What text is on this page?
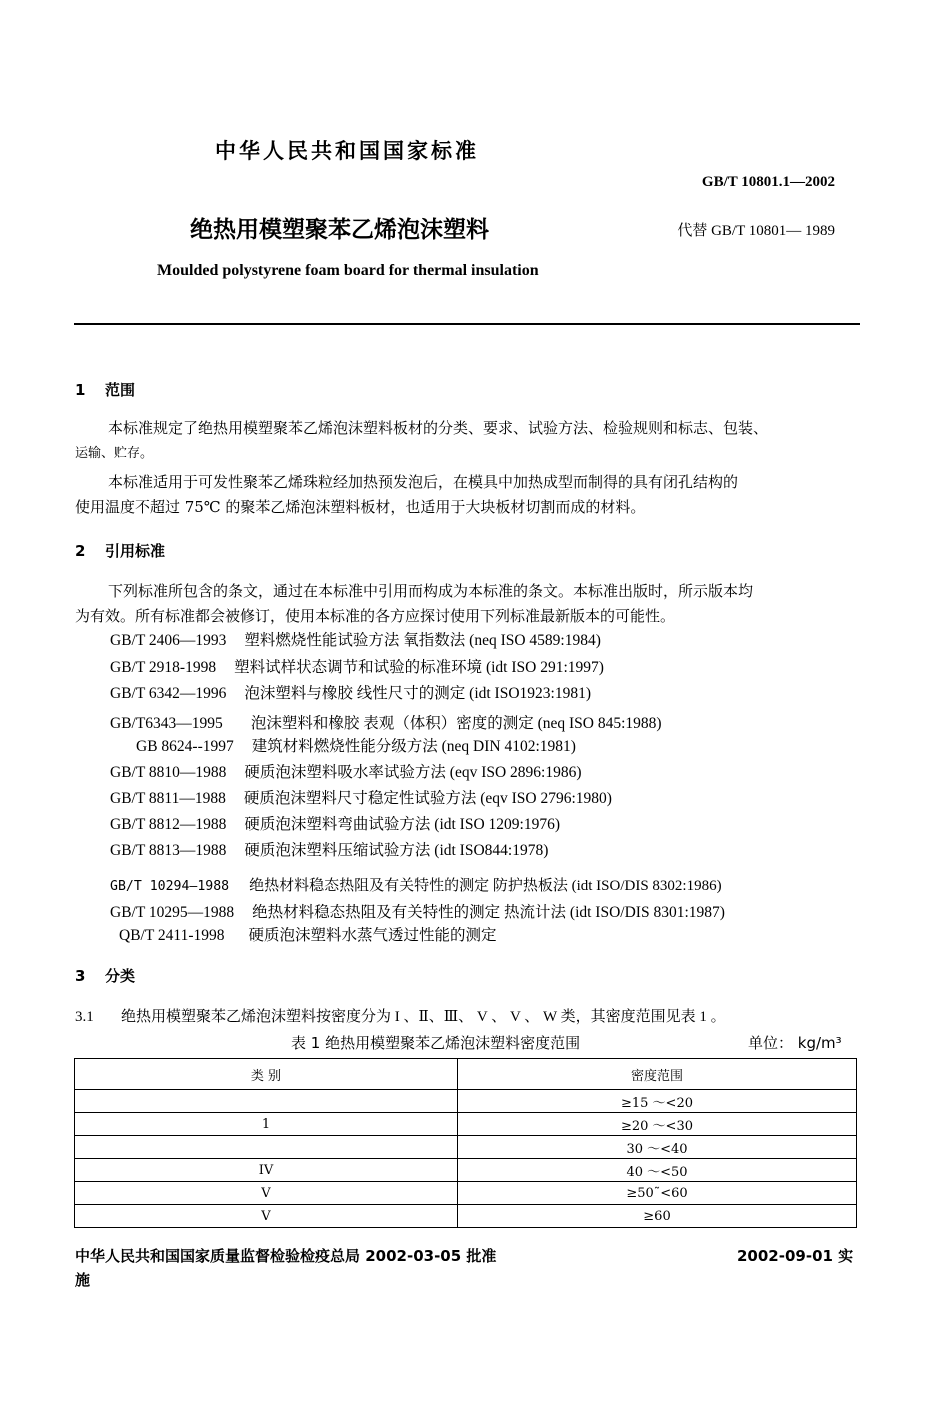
中华人民共和国国家标准
GB/T 10801.1—2002
绝热用模塑聚苯乙烯泡沫塑料	代替 GB/T 10801— 1989
Moulded polystyrene foam board for thermal insulation
1 范围
本标准规定了绝热用模塑聚苯乙烯泡沫塑料板材的分类、要求、试验方法、检验规则和标志、包装、
运输、贮存。
本标准适用于可发性聚苯乙烯珠粒经加热预发泡后，在模具中加热成型而制得的具有闭孔结构的
使用温度不超过 75℃ 的聚苯乙烯泡沫塑料板材，也适用于大块板材切割而成的材料。
2 引用标准
下列标准所包含的条文，通过在本标准中引用而构成为本标准的条文。本标准出版时，所示版本均
为有效。所有标准都会被修订，使用本标准的各方应探讨使用下列标准最新版本的可能性。
GB/T 2406—1993 塑料燃烧性能试验方法 氧指数法 (neq ISO 4589:1984)
GB/T 2918-1998 塑料试样状态调节和试验的标准环境 (idt ISO 291:1997)
GB/T 6342—1996 泡沫塑料与橡胶 线性尺寸的测定 (idt ISO1923:1981)
GB/T6343—1995 泡沫塑料和橡胶 表观（体积）密度的测定 (neq ISO 845:1988)
GB 8624--1997 建筑材料燃烧性能分级方法 (neq DIN 4102:1981)
GB/T 8810—1988 硬质泡沫塑料吸水率试验方法 (eqv ISO 2896:1986)
GB/T 8811—1988 硬质泡沫塑料尺寸稳定性试验方法 (eqv ISO 2796:1980)
GB/T 8812—1988 硬质泡沫塑料弯曲试验方法 (idt ISO 1209:1976)
GB/T 8813—1988 硬质泡沫塑料压缩试验方法 (idt ISO844:1978)
GB/T 10294—1988 绝热材料稳态热阻及有关特性的测定 防护热板法 (idt ISO/DIS 8302:1986)
GB/T 10295—1988 绝热材料稳态热阻及有关特性的测定 热流计法 (idt ISO/DIS 8301:1987)
QB/T 2411-1998 硬质泡沫塑料水蒸气透过性能的测定
3 分类
3.1 绝热用模塑聚苯乙烯泡沫塑料按密度分为 I 、Ⅱ、Ⅲ、 V 、 V 、 W 类，其密度范围见表 1 。
表 1 绝热用模塑聚苯乙烯泡沫塑料密度范围	单位： kg/m³
类 别	密度范围
	≥15 ～<20
1	≥20 ～<30
	30 ～<40
IV	40 ～<50
V	≥50˜<60
V	≥60
中华人民共和国国家质量监督检验检疫总局 2002-03-05 批准
施
2002-09-01 实
